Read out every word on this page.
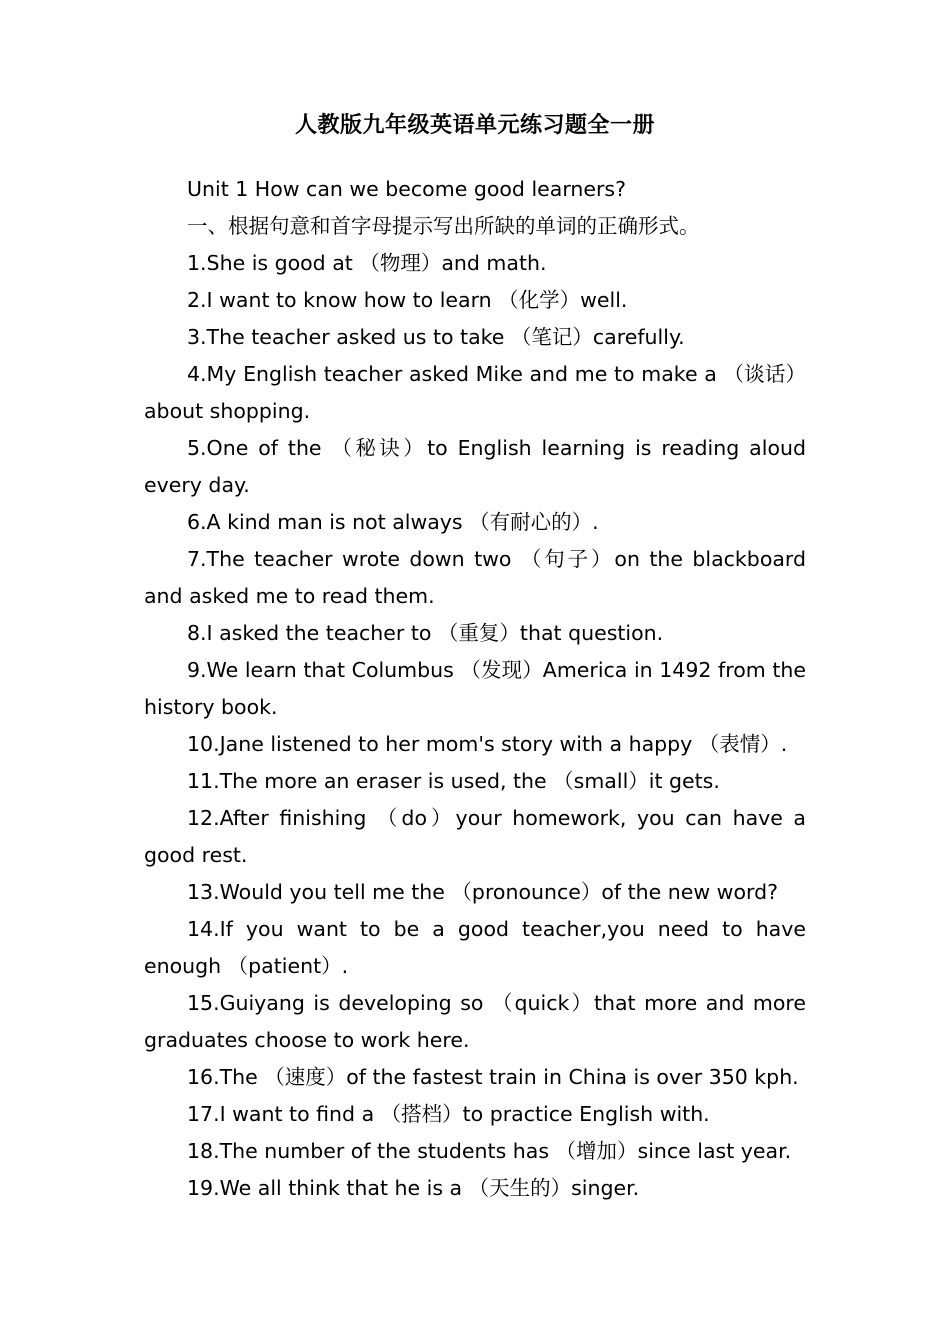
人教版九年级英语单元练习题全一册

Unit 1 How can we become good learners?

一、根据句意和首字母提示写出所缺的单词的正确形式。

1.She is good at （物理）and math.

2.I want to know how to learn （化学）well.

3.The teacher asked us to take （笔记）carefully.

4.My English teacher asked Mike and me to make a （谈话）about shopping.

5.One of the （秘诀）to English learning is reading aloud every day.

6.A kind man is not always （有耐心的）.

7.The teacher wrote down two （句子）on the blackboard and asked me to read them.

8.I asked the teacher to （重复）that question.

9.We learn that Columbus （发现）America in 1492 from the history book.

10.Jane listened to her mom's story with a happy （表情）.

11.The more an eraser is used, the （small）it gets.

12.After finishing （do）your homework, you can have a good rest.

13.Would you tell me the （pronounce）of the new word?

14.If you want to be a good teacher,you need to have enough （patient）.

15.Guiyang is developing so （quick）that more and more graduates choose to work here.

16.The （速度）of the fastest train in China is over 350 kph.

17.I want to find a （搭档）to practice English with.

18.The number of the students has （增加）since last year.

19.We all think that he is a （天生的）singer.
